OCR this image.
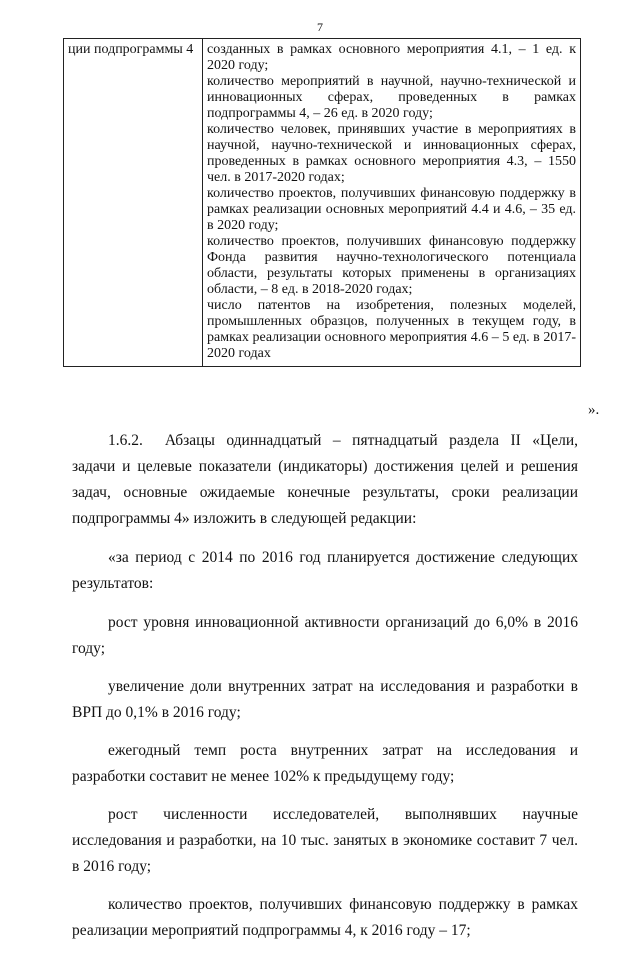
7
ции подпрограммы 4	созданных в рамках основного мероприятия 4.1, – 1 ед. к 2020 году;
количество мероприятий в научной, научно-технической и инновационных сферах, проведенных в рамках подпрограммы 4, – 26 ед. в 2020 году;
количество человек, принявших участие в мероприятиях в научной, научно-технической и инновационных сферах, проведенных в рамках основного мероприятия 4.3, – 1550 чел. в 2017-2020 годах;
количество проектов, получивших финансовую поддержку в рамках реализации основных мероприятий 4.4 и 4.6, – 35 ед. в 2020 году;
количество проектов, получивших финансовую поддержку Фонда развития научно-технологического потенциала области, результаты которых применены в организациях области, – 8 ед. в 2018-2020 годах;
число патентов на изобретения, полезных моделей, промышленных образцов, полученных в текущем году, в рамках реализации основного мероприятия 4.6 – 5 ед. в 2017-2020 годах
».

1.6.2. Абзацы одиннадцатый – пятнадцатый раздела II «Цели, задачи и целевые показатели (индикаторы) достижения целей и решения задач, основные ожидаемые конечные результаты, сроки реализации подпрограммы 4» изложить в следующей редакции:

«за период с 2014 по 2016 год планируется достижение следующих результатов:

рост уровня инновационной активности организаций до 6,0% в 2016 году;

увеличение доли внутренних затрат на исследования и разработки в ВРП до 0,1% в 2016 году;

ежегодный темп роста внутренних затрат на исследования и разработки составит не менее 102% к предыдущему году;

рост численности исследователей, выполнявших научные исследования и разработки, на 10 тыс. занятых в экономике составит 7 чел. в 2016 году;

количество проектов, получивших финансовую поддержку в рамках реализации мероприятий подпрограммы 4, к 2016 году – 17;
